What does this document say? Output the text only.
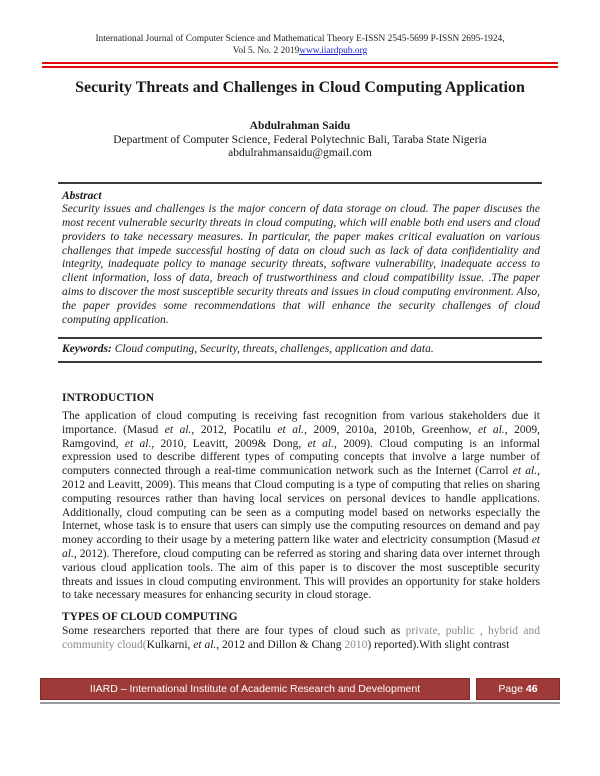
International Journal of Computer Science and Mathematical Theory E-ISSN 2545-5699 P-ISSN 2695-1924,
Vol 5. No. 2 2019www.iiardpub.org
Security Threats and Challenges in Cloud Computing Application
Abdulrahman Saidu
Department of Computer Science, Federal Polytechnic Bali, Taraba State Nigeria
abdulrahmansaidu@gmail.com
Abstract
Security issues and challenges is the major concern of data storage on cloud. The paper discuses the most recent vulnerable security threats in cloud computing, which will enable both end users and cloud providers to take necessary measures. In particular, the paper makes critical evaluation on various challenges that impede successful hosting of data on cloud such as lack of data confidentiality and integrity, inadequate policy to manage security threats, software vulnerability, inadequate access to client information, loss of data, breach of trustworthiness and cloud compatibility issue. .The paper aims to discover the most susceptible security threats and issues in cloud computing environment. Also, the paper provides some recommendations that will enhance the security challenges of cloud computing application.
Keywords: Cloud computing, Security, threats, challenges, application and data.
INTRODUCTION
The application of cloud computing is receiving fast recognition from various stakeholders due it importance. (Masud et al., 2012, Pocatilu et al., 2009, 2010a, 2010b, Greenhow, et al., 2009, Ramgovind, et al., 2010, Leavitt, 2009& Dong, et al., 2009). Cloud computing is an informal expression used to describe different types of computing concepts that involve a large number of computers connected through a real-time communication network such as the Internet (Carrol et al., 2012 and Leavitt, 2009). This means that Cloud computing is a type of computing that relies on sharing computing resources rather than having local services on personal devices to handle applications. Additionally, cloud computing can be seen as a computing model based on networks especially the Internet, whose task is to ensure that users can simply use the computing resources on demand and pay money according to their usage by a metering pattern like water and electricity consumption (Masud et al., 2012). Therefore, cloud computing can be referred as storing and sharing data over internet through various cloud application tools. The aim of this paper is to discover the most susceptible security threats and issues in cloud computing environment. This will provides an opportunity for stake holders to take necessary measures for enhancing security in cloud storage.
TYPES OF CLOUD COMPUTING
Some researchers reported that there are four types of cloud such as private, public , hybrid and community cloud(Kulkarni, et al., 2012 and Dillon & Chang 2010) reported).With slight contrast
IIARD – International Institute of Academic Research and Development	Page 46
